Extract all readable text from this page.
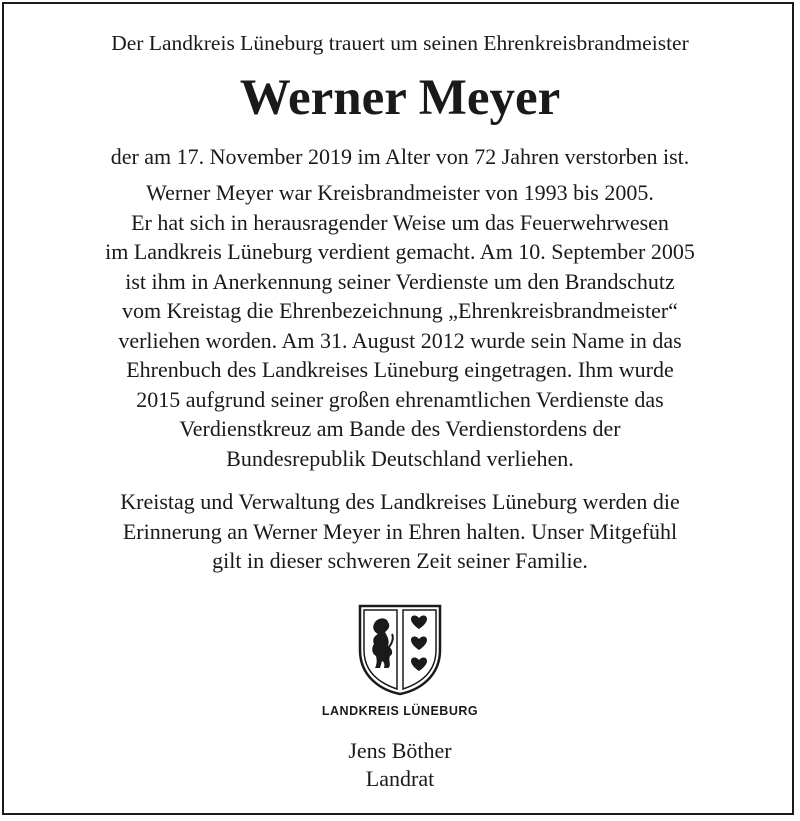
Der Landkreis Lüneburg trauert um seinen Ehrenkreisbrandmeister
Werner Meyer
der am 17. November 2019 im Alter von 72 Jahren verstorben ist.
Werner Meyer war Kreisbrandmeister von 1993 bis 2005.
Er hat sich in herausragender Weise um das Feuerwehrwesen
im Landkreis Lüneburg verdient gemacht. Am 10. September 2005
ist ihm in Anerkennung seiner Verdienste um den Brandschutz
vom Kreistag die Ehrenbezeichnung „Ehrenkreisbrandmeister“
verliehen worden. Am 31. August 2012 wurde sein Name in das
Ehrenbuch des Landkreises Lüneburg eingetragen. Ihm wurde
2015 aufgrund seiner großen ehrenamtlichen Verdienste das
Verdienstkreuz am Bande des Verdienstordens der
Bundesrepublik Deutschland verliehen.
Kreistag und Verwaltung des Landkreises Lüneburg werden die
Erinnerung an Werner Meyer in Ehren halten. Unser Mitgefühl
gilt in dieser schweren Zeit seiner Familie.
LANDKREIS LÜNEBURG
Jens Böther
Landrat
